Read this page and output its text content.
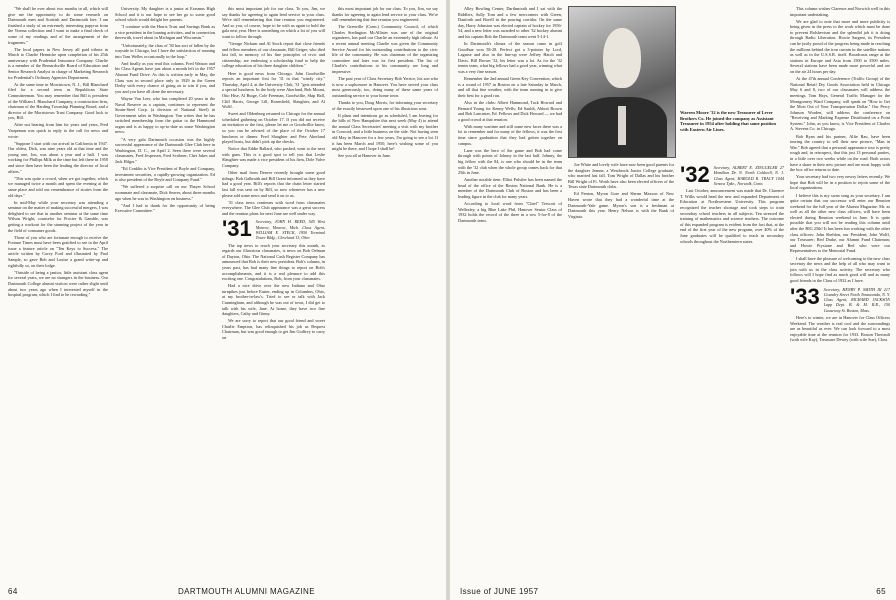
"We shall be over about two months in all, which will give me the opportunity to do some research on Dartmouth men and Scottish and Dartmouth lore. I am finished a study of an extremely interesting papyrus from the Vienna collection and I want to make a final check of some of my readings and of the arrangement of the fragments."

The local papers in New Jersey all paid tribute in March to Charlie Hennicke upon completion of his 25th anniversary with Prudential Insurance Company. Charlie is a member of the Bernardsville Board of Education and Senior Research Analyst in charge of Marketing Research for Prudential's Ordinary Agencies Department.

At the same time in Morristown, N. J., Bill Blanchard filed for a second term as Republican State Committeeman. You may remember that Bill is president of the William I. Blanchard Company, a construction firm, chairman of the Harding Township Planning Board, and a director of the Morristown Trust Company. Good luck to you, Bill.

After not hearing from him for years and years, Fred Vaupeman was quick to reply to the call for news and wrote:

"Suppose I start with our arrival in California in 1947. Our oldest, Dick, was nine years old at that time and the young one, Jon, was about a year and a half. I was working for Phillips Milk at the time but left there in 1950 and since then have been the leading the director of local affairs."

"This was quite a crowd, when we got together, which we managed twice a month and spent the evening at the same place and told our remembrance of stories from the old days."

In mid-May while your secretary was attending a seminar on the matter of making successful mergers, I was delighted to see that in another seminar at the same time Wilson Wright, counselor for Procter & Gamble, was getting a workout for the stunning project of the year in the field of consumer goods.

Those of you who are fortunate enough to receive the Fortune Times must have been gratified to see in the April issue a feature article on "Ten Keys to Success." The article written by Corey Ford and illustrated by Paul Sample, so gave Bob and Louise a grand write-up and rightfully so, on their lodge.

"Outside of being a janitor, little assistant class agent for several years, we are no strangers in the business. Our Dartmouth College alumni visitors were rather slight until about two years ago when I interested myself in the hospital program, which I find to be rewarding."

University. My daughter is a junior at Erasmus High School and it is our hope to see her go to some good school which would delight her parents.

"I continue with the Harris Trust and Savings Bank as a vice president in the loaning activities, and in connection therewith, travel about in Michigan and Wisconsin."

"Unfortunately, the class of '30 has sort of fallen by the wayside in Chicago, but I have the satisfaction of running into Tom Welles occasionally in the loop."

And finally as you read this column, Fred Watson and his Class Agents have just about a month left in the 1957 Alumni Fund Drive. As this is written early in May, the Class was in second place only to 1929 in the Green Derby with every chance of going on to win if you, and you and you have all done the necessary.

Wayne Van Leer, who has completed 20 years in the Naval Reserve as a captain, continues to represent the Strain-Steel Corp. (a division of National Steel) in Government sales in Washington. Van writes that he has switched membership from the guitar to the Hammond organ and is as happy to up-to-date as some Washington news:

"A very gala Dartmouth occasion was the highly successful appearance of the Dartmouth Glee Club here in Washington, D. C., on April 2. Seen there were several classmates, Fred Jespersen, Fred Scribner, Chet Jakes and Jack Hilger."

"Ed Conklin is Vice President of Boyle and Company, investment securities, a rapidly-growing organization. Ed is also president of the Boyle and Company Fund."

"We suffered a surprise call on our Thayer School roommate and classmate, Dick Seaver, about three months ago when he was in Washington on business."

"And I had to thank for the opportunity of being Executive Committee."

this most important job for our class. To you, Jim, we say thanks for agreeing to again lend service to your class. We're still remembering that fine reunion you engineered. And so you, of course, hope to be with us again to hold the gala next year. Here is something on which a lot of you will want to follow through:

"George Nickum and Al Stock report that close friends and fellow members of our classmate, Bill Geiger, who died last fall, in memory of his fine principles of civic and citizenship, are endowing a scholarship fund to help the college education of his three daughter children."

Here is good news from Chicago. John Goodwillie reports an important first for '31 in that "windy city." Thursday, April 4, at the University Club, '31 "gets attended a special luncheon. In the body were Akerland, Bob Mount, Otto Hise, Al Burge, Cole Freeman, Goodwillie, Skip Hall, Cliff Harris, George Lill, Rosenfield, Slaughter, and Al Wolff.

Sweet and Oldenburg returned to Chicago for the annual scheduled gathering on October 17. If you did not receive an invitation or the first, please let me or Goodwillie know, so you can be advised of the place of the October 17 luncheon or dinner. Fred Slaughter and Pete Akerlund played hosts, but didn't pick up the checks.

Notice that Eddie Ballard, who pushed, went to the next with guns. This is a good spot to tell you that Leslie Slaughter was made a vice president of his firm, Dole Valve Company.

Other mail from Denver recently brought some good tidings: Bob Galbraith and Bill Grant informed us they have had a good year. Bill's reports that the chain letter started last fall was sent on by Bill, so now whenever has a new please add some news and send it on to us.

'31 class news continues with word from classmates everywhere. The Glee Club appearance was a great success and the reunion plans for next June are well under way.

'31 Secretary, JOHN H. REED, 545 West Monroe, Monroe, Mich. Class Agent, WILLIAM E. STECK, 1950 Terminal Tower Bldg., Cleveland 13, Ohio

The top news to reach your secretary this month, as regards our illustrious classmates, is news on Bob Oelman of Dayton, Ohio. The National Cash Register Company has announced that Bob is their new president. Bob's column, in years past, has had many fine things to report on Bob's accomplishments, and it is a real pleasure to add this exciting one. Congratulations, Bob, from your classmates.

Had a nice drive over the new Indiana and Ohio turnpikes just before Easter, ending up in Columbus, Ohio, at my brother-in-law's. Tried to see or talk with Jack Cunningham, and although he was out of town, I did get to talk with his wife, Jane. At home, they have two fine daughters, Cathy and Ginny.

We are sorry to report that our good friend and sweet Charlie Emptron, has relinquished his job as Bequest Chairman, but was good enough to get Jim Godfrey to carry on

this most important job for our class. To you, Jim, we say thanks for agreeing to again lend service to your class. We're still remembering that fine reunion you engineered.

The Grenville (Conn.) Community Council, of which Charles Stedington McAllister was one of the original organizers, has paid our Charlie an extremely high tribute. At a recent annual meeting Charlie was given the Community Service Award for his outstanding contributions to the civic life of the community. He was chairman of the organizing committee and later was its first president. The list of Charlie's contributions to his community are long and impressive.

The past year of Class Secretary Bob Yerrice, his son who is now a sophomore in Hanover. You have served your class most generously, too, doing many of these same years of outstanding service to your home town.

Thanks to you, Doug Morris, for informing your secretary of the exactly bestowed upon one of his illustrious sons.

If plans and intentions go as scheduled, I am leaving for the hills of New Hampshire this next week (May 4) to attend the annual Class Secretaries' meeting a visit with my brother in Concord; and a little business on the side. Not having seen old May in Hanover for a few years, I'm going to see a lot. If it has been March and 1950, here's wishing some of you might be there, and I hope I shall be!

See you all at Hanover in June.

64	DARTMOUTH ALUMNI MAGAZINE

Alley Bowling Center, Darthmouth and I sat with the Riddlers, Sully Tom and a few newcomers with Green, Danforth and Borell in the pouring corridor. On the same day, Harry Johnston was elected captain of hockey for 1956-54, and a new letter was awarded to other '32 hockey alumni and his captain Bob the Dartmouth team went 5-14-1.

In Dartmouth's climax of the season came in golf Goodhue won 58-28. Perfect got a 3-pointer by Lord, Lagasse and also in the line-up were Jeffrey Hatch and Davis. Bill Brown '32, his letter was a lot. As for the '32 tennis team, what big fellows had a good year, winning what was a very fine season.

Remember the 2nd annual Green Key Convention, which is a round of 1957 in Boston on a late Saturday in March, and all that fine weather, with the team running in to give their best for a good run.

Also in the clubs: Albert Hammond, Tack Howard and Bernard Young for Kenny Wells; Ed Sauldt, Abbott Brown and Bob Lancaster, Ed. Fellows and Dick Howard — we had a good crowd at that reunion.

With many wartime and still some new faces there was a lot to remember and for many of the fellows, it was the first time since graduation that they had gotten together on campus.

Lane was the hero of the game and Bob had come through with points of Johnny in the last half. Johnny, the big fellow with the 84, is one who should be in the team with the '32 club when the whole group comes back for that 25th in June.

Another notable item: Elliot Pulsifer has been named the head of the office of the Boston National Bank. He is a member of the Dartmouth Club of Boston and has been a leading figure in the club for many years.

According to local word from "Chief" Trescott of Wellesley, a big Blue Lake Phil, Hanover Senior Class of 1932 holds the record of the three in a row 5-for-8 of the Dartmouth team.

Warren Moore '32 is the new Treasurer of Lever Brothers Co. He joined the company as Assistant Treasurer in 1954 after holding that same position with Eastern Air Lines.

Joe White and lovely wife have now been good parents for the daughter Jeanne, a Westbrook Junior College graduate, who married last fall. Tom Wright of Dallas and his brother Bill Wright of Ft. Worth have also been elected officers of the Texas state Dartmouth clubs.

Ed Fenton, Myron Gore and Sherm Maxson of New Haven wrote that they had a wonderful time at the Dartmouth-Yale game. Myron's son is a freshman at Dartmouth this year. Henry Nelson is with the Bank of Virginia.

'32 Secretary, ALBERT E. ZINGGELER 27 Hamilton Dr. N. North Caldwell, N. J. Class Agent, HAROLD R. TRACY 1044 Seneca Tpke., Norwalk, Conn.

Last October, announcement was made that Dr. Clarence T. Wilks would head the new and expanded Department of Education at Northwestern University. This program recognized the teacher shortage and took steps to train secondary school teachers in all subjects. Ten stressed the training of mathematics and science teachers. The outcome of this expanded program is evident from the fact that, at the end of the first year of the new program, over 40% of the June graduates will be qualified to teach in secondary schools throughout the Northeastern states.

This column wishes Clarence and Norwich well in this important undertaking.

We are glad to note that more and more publicity is being given in the press to the work which must be done to prevent Bolshevism and the splendid job it is doing through Radio Liberation. Howie Sargent, its President can be justly proud of the progress being made in reaching the millions behind the iron curtain in the satellite nations as well as in the U.S.S.R. itself. Broadcasts range at the stations in Europe and Asia from 1500 to 3500 miles. Several stations have been made more powerful and are on the air 24 hours per day.

At the 47th annual Conference (Traffic Group) of the National Retail Dry Goods Association held in Chicago May 6 and 8, two of our classmates will address the meetings. Tom Hays, General Traffic Manager for the Montgomery Ward Company, will speak on "How to Get the Most Out of Your Transportation Dollar." Our Percy Johnson Worden, will address the conference on "Receiving and Marking Expense Distributed on a Point System." John, as you know, is Vice President of Charles A. Stevens Co. in Chicago.

Bob Ryan and his partner, Alfie Rau, have been touring the country to sell their new picture, "Man in War." Bob agreed that a personal appearance tour is pretty rough and, in retrospect, that this just 13 personal parties, in a little over two weeks while on the road. Both actors have a share in their new picture and are most happy with the box office returns to date.

Your secretary had two very newsy letters recently. We hope that Bob will be in a position to rejoin some of the local organizations.

I believe this is my swan song as your secretary. I am quite certain that our successor will enter our Reunion weekend for the full year of the Alumni Magazine. Mr. as well as all the other new class officers, will have been elected during Reunion weekend in June. It is quite possible that you will not be reading this column until after the BIG 25th! It has been fun working with the other class officers: John Sheldon, our President; John Wolff, our Treasurer; Red Drake, our Alumni Fund Chairman; and Howie Prystone and Red who were our Representatives to the Memorial Fund.

I shall have the pleasure of welcoming to the new class secretary the news and the help of all who may want to join with us in the class activity. The secretary who follows will I hope find as much good will and as many good friends in the Class of 1932 as I have.

'33 Secretary, HENRY P. SMITH III 217 Goundry Street North Tonawanda, N. Y. Class Agent, RICHARD JACKSON Lapp Dept. B. & M. R.R., 150 Causeway St. Boston, Mass.

Here's to winter, we are in Hanover for Class Officers Weekend. The weather is real cool and the surroundings are as beautiful as ever. We can look forward to a most enjoyable time at the reunion for 1933. Boston Theriault (with wife Kay), Treasurer Dewey (with wife Sue), Class

Issue of JUNE 1957	65
